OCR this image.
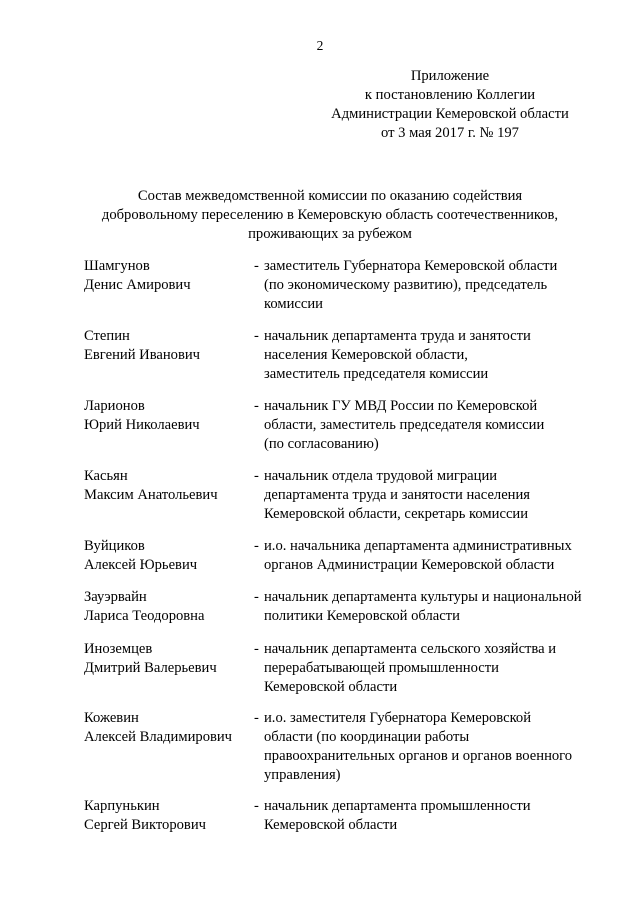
2
Приложение
к постановлению Коллегии
Администрации Кемеровской области
от 3 мая 2017 г. № 197
Состав межведомственной комиссии по оказанию содействия
добровольному переселению в Кемеровскую область соотечественников,
проживающих за рубежом
Шамгунов
Денис Амирович
- заместитель Губернатора Кемеровской области
(по экономическому развитию), председатель
комиссии
Степин
Евгений Иванович
- начальник департамента труда и занятости
населения Кемеровской области,
заместитель председателя комиссии
Ларионов
Юрий Николаевич
- начальник ГУ МВД России по Кемеровской
области, заместитель председателя комиссии
(по согласованию)
Касьян
Максим Анатольевич
- начальник отдела трудовой миграции
департамента труда и занятости населения
Кемеровской области, секретарь комиссии
Вуйциков
Алексей Юрьевич
- и.о. начальника департамента административных
органов Администрации Кемеровской области
Зауэрвайн
Лариса Теодоровна
- начальник департамента культуры и национальной
политики Кемеровской области
Иноземцев
Дмитрий Валерьевич
- начальник департамента сельского хозяйства и
перерабатывающей промышленности
Кемеровской области
Кожевин
Алексей Владимирович
- и.о. заместителя Губернатора Кемеровской
области (по координации работы
правоохранительных органов и органов военного
управления)
Карпунькин
Сергей Викторович
- начальник департамента промышленности
Кемеровской области
